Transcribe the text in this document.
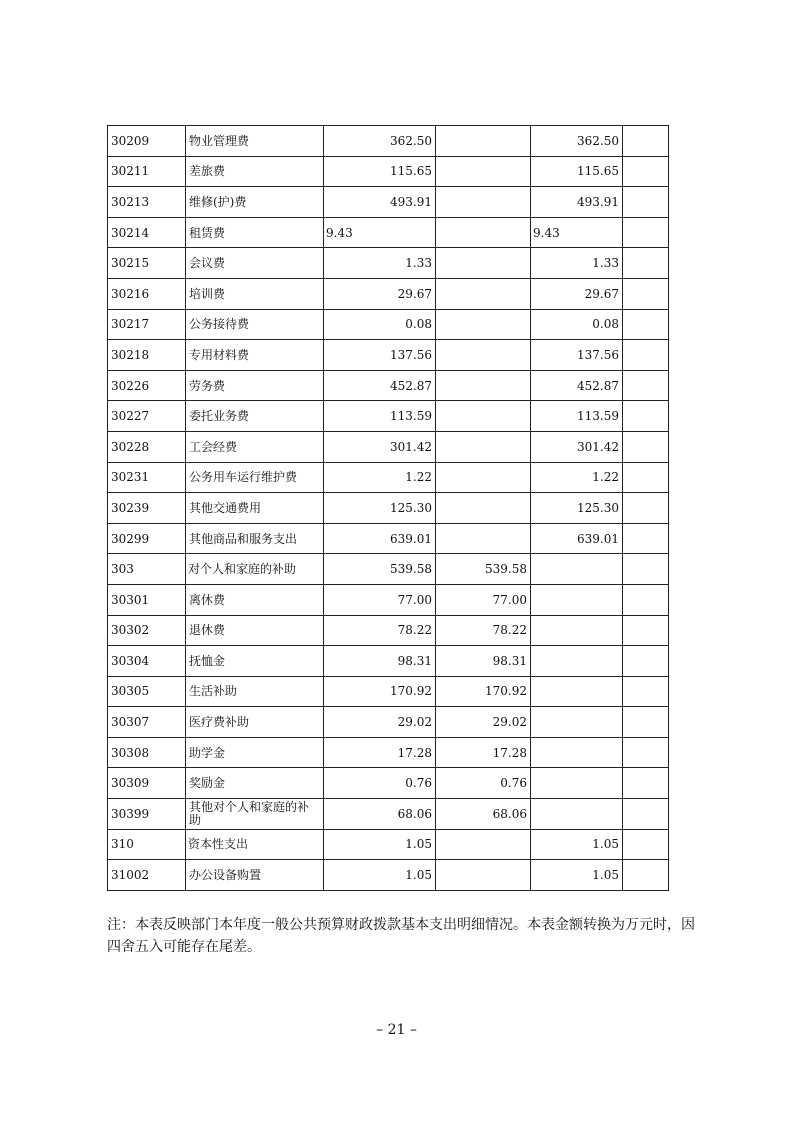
30209	物业管理费	362.50		362.50	
30211	差旅费	115.65		115.65	
30213	维修(护)费	493.91		493.91	
30214	租赁费	9.43		9.43	
30215	会议费	1.33		1.33	
30216	培训费	29.67		29.67	
30217	公务接待费	0.08		0.08	
30218	专用材料费	137.56		137.56	
30226	劳务费	452.87		452.87	
30227	委托业务费	113.59		113.59	
30228	工会经费	301.42		301.42	
30231	公务用车运行维护费	1.22		1.22	
30239	其他交通费用	125.30		125.30	
30299	其他商品和服务支出	639.01		639.01	
303	对个人和家庭的补助	539.58	539.58		
30301	离休费	77.00	77.00		
30302	退休费	78.22	78.22		
30304	抚恤金	98.31	98.31		
30305	生活补助	170.92	170.92		
30307	医疗费补助	29.02	29.02		
30308	助学金	17.28	17.28		
30309	奖励金	0.76	0.76		
30399	其他对个人和家庭的补助	68.06	68.06		
310	资本性支出	1.05		1.05	
31002	办公设备购置	1.05		1.05	

注：本表反映部门本年度一般公共预算财政拨款基本支出明细情况。本表金额转换为万元时，因四舍五入可能存在尾差。

– 21 –
